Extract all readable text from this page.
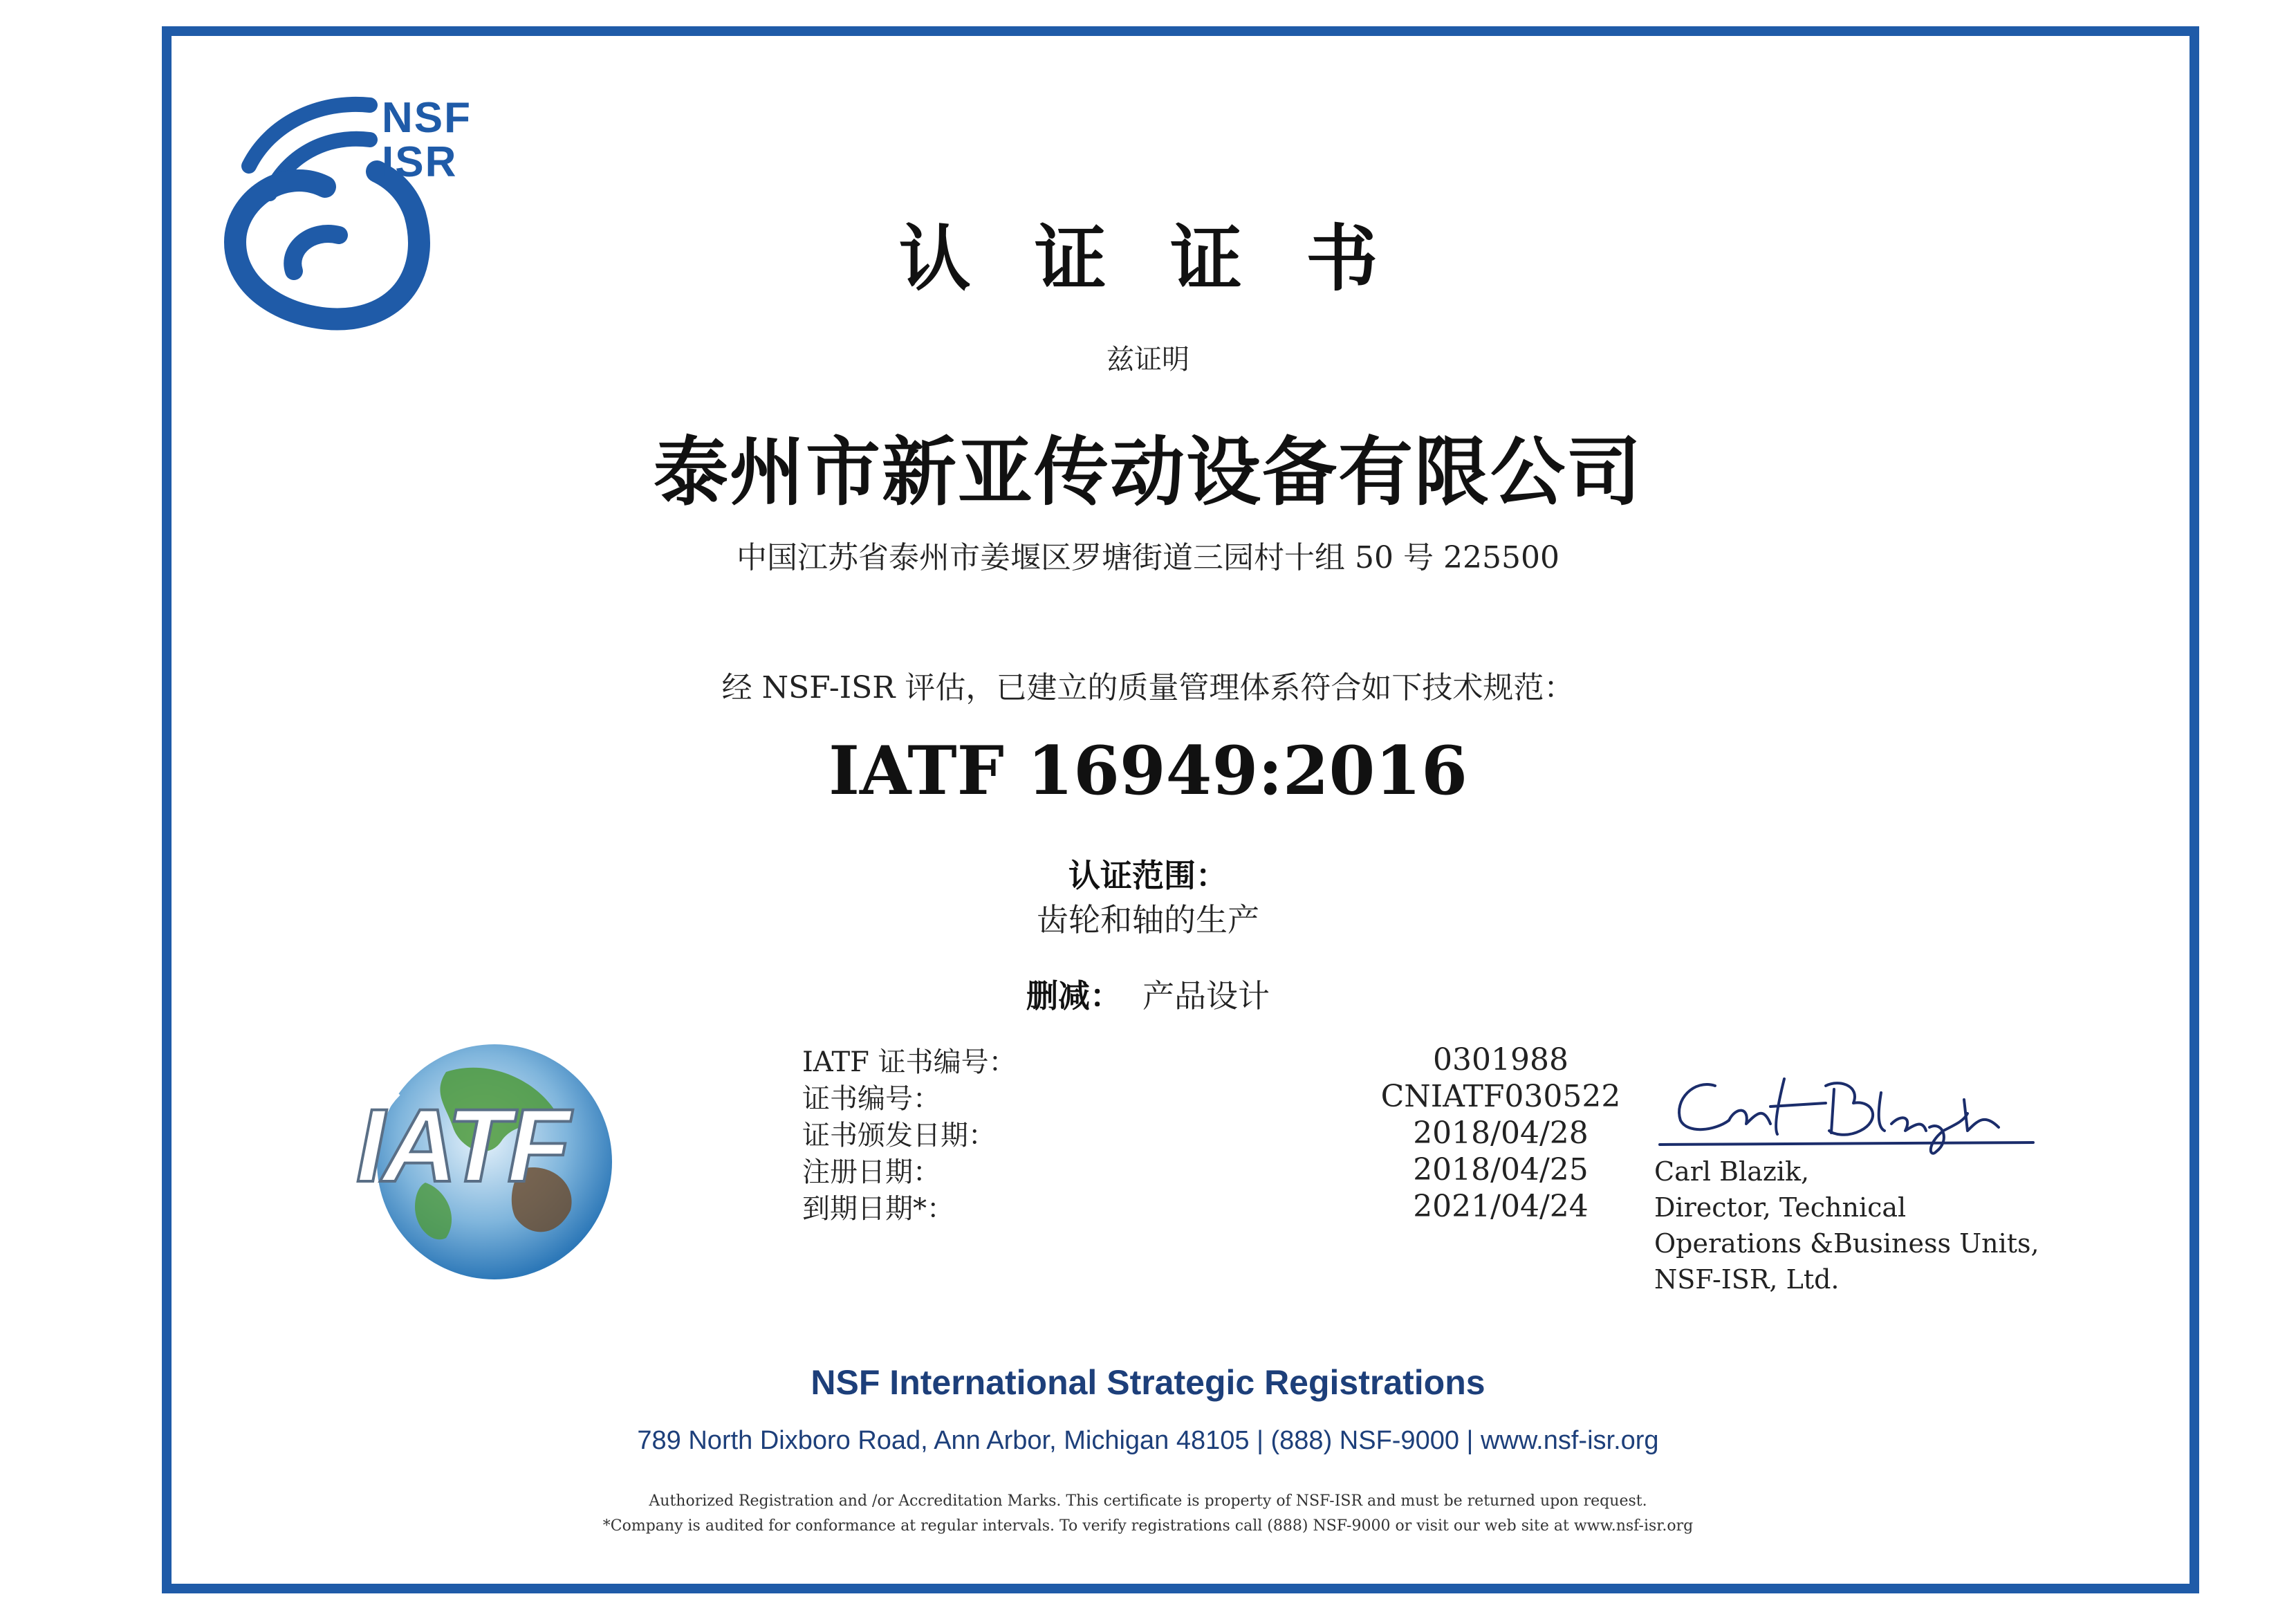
NSF
ISR
认 证 证 书
兹证明
泰州市新亚传动设备有限公司
中国江苏省泰州市姜堰区罗塘街道三园村十组 50 号 225500
经 NSF-ISR 评估，已建立的质量管理体系符合如下技术规范：
IATF 16949:2016
认证范围：
齿轮和轴的生产
删减： 产品设计
IATF
IATF 证书编号：	0301988
证书编号：	CNIATF030522
证书颁发日期：	2018/04/28
注册日期：	2018/04/25
到期日期*：	2021/04/24
Carl Blazik,
Director, Technical
Operations &Business Units,
NSF-ISR, Ltd.
NSF International Strategic Registrations
789 North Dixboro Road, Ann Arbor, Michigan 48105 | (888) NSF-9000 | www.nsf-isr.org
Authorized Registration and /or Accreditation Marks. This certificate is property of NSF-ISR and must be returned upon request.
*Company is audited for conformance at regular intervals. To verify registrations call (888) NSF-9000 or visit our web site at www.nsf-isr.org
